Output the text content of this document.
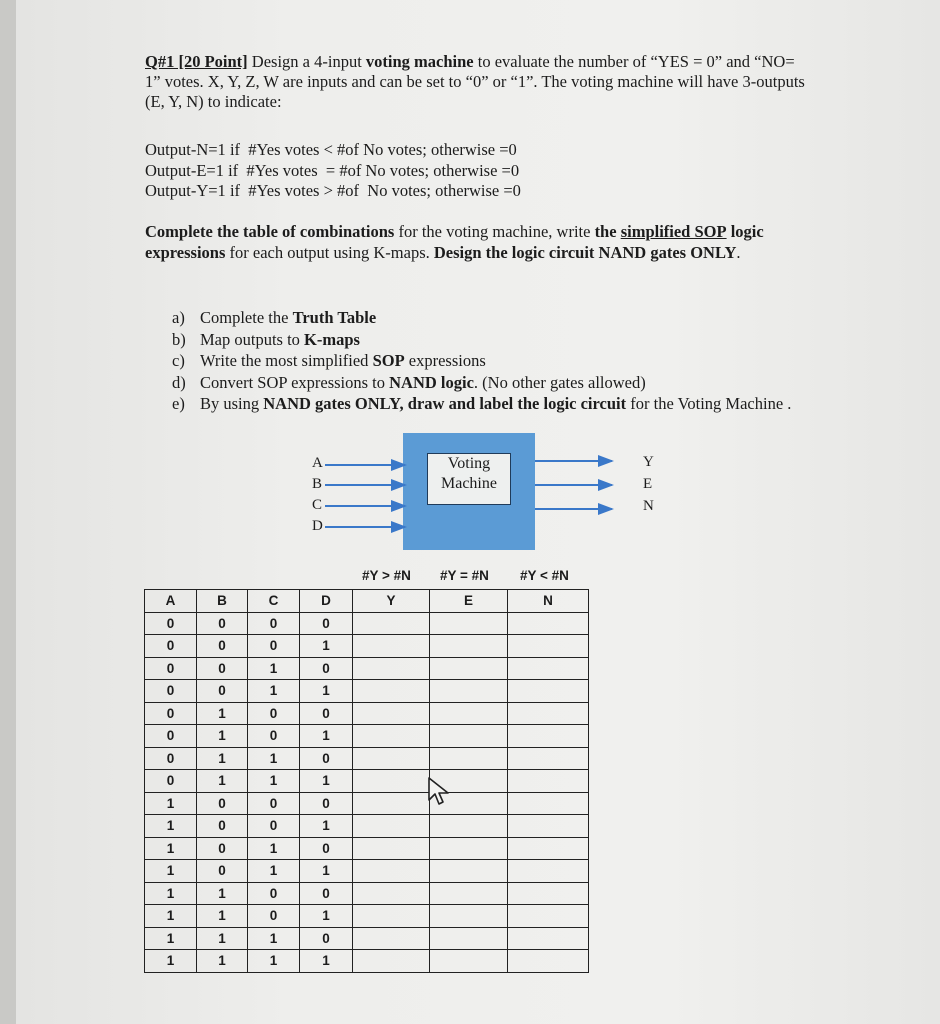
Q#1 [20 Point] Design a 4-input voting machine to evaluate the number of “YES = 0” and “NO= 1” votes. X, Y, Z, W are inputs and can be set to “0” or “1”. The voting machine will have 3-outputs (E, Y, N) to indicate:

Output-N=1 if  #Yes votes < #of No votes; otherwise =0
Output-E=1 if  #Yes votes  = #of No votes; otherwise =0
Output-Y=1 if  #Yes votes > #of  No votes; otherwise =0
Complete the table of combinations for the voting machine, write the simplified SOP logic expressions for each output using K-maps. Design the logic circuit NAND gates ONLY.
a) Complete the Truth Table
b) Map outputs to K-maps
c) Write the most simplified SOP expressions
d) Convert SOP expressions to NAND logic. (No other gates allowed)
e) By using NAND gates ONLY, draw and label the logic circuit for the Voting Machine .
Voting
Machine
A
B
C
D
Y
E
N
#Y > #N #Y = #N #Y < #N
A	B	C	D	Y	E	N
0	0	0	0			
0	0	0	1			
0	0	1	0			
0	0	1	1			
0	1	0	0			
0	1	0	1			
0	1	1	0			
0	1	1	1			
1	0	0	0			
1	0	0	1			
1	0	1	0			
1	0	1	1			
1	1	0	0			
1	1	0	1			
1	1	1	0			
1	1	1	1			
